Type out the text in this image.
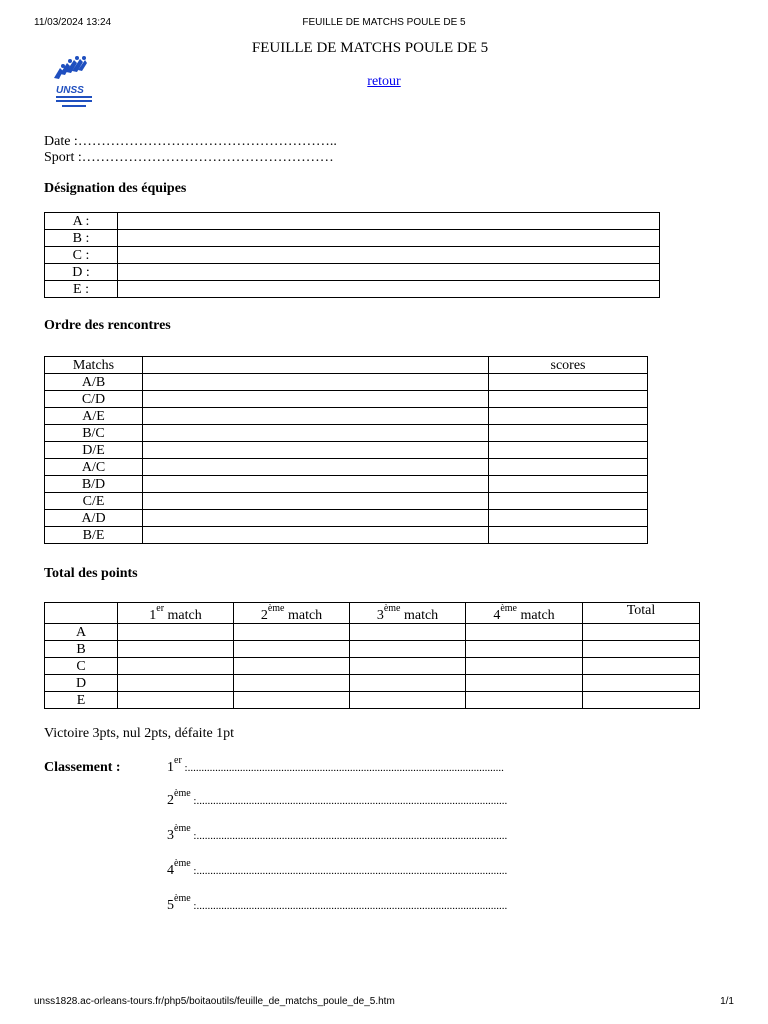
11/03/2024 13:24	FEUILLE DE MATCHS POULE DE 5
UNSS
FEUILLE DE MATCHS POULE DE 5
retour
Date :………………………………………………..
Sport :………………………………………………
Désignation des équipes
A :	
B :	
C :	
D :	
E :	
Ordre des rencontres
Matchs		scores
A/B		
C/D		
A/E		
B/C		
D/E		
A/C		
B/D		
C/E		
A/D		
B/E		
Total des points
	1er match	2ème match	3ème match	4ème match	Total
A					
B					
C					
D					
E					
Victoire 3pts, nul 2pts, défaite 1pt
Classement :	1er :...................................................................................................................
2ème :.................................................................................................................
3ème :.................................................................................................................
4ème :.................................................................................................................
5ème :.................................................................................................................
unss1828.ac-orleans-tours.fr/php5/boitaoutils/feuille_de_matchs_poule_de_5.htm	1/1
